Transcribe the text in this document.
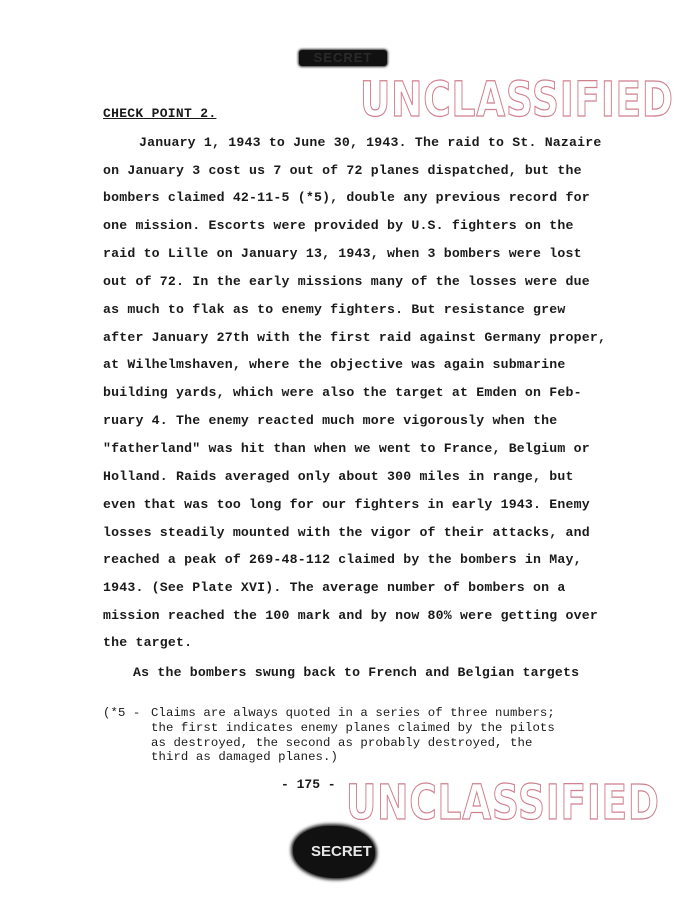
SECRET
UNCLASSIFIED
CHECK POINT 2.
January 1, 1943 to June 30, 1943. The raid to St. Nazaire
on January 3 cost us 7 out of 72 planes dispatched, but the
bombers claimed 42-11-5 (*5), double any previous record for
one mission. Escorts were provided by U.S. fighters on the
raid to Lille on January 13, 1943, when 3 bombers were lost
out of 72. In the early missions many of the losses were due
as much to flak as to enemy fighters. But resistance grew
after January 27th with the first raid against Germany proper,
at Wilhelmshaven, where the objective was again submarine
building yards, which were also the target at Emden on Feb-
ruary 4. The enemy reacted much more vigorously when the
"fatherland" was hit than when we went to France, Belgium or
Holland. Raids averaged only about 300 miles in range, but
even that was too long for our fighters in early 1943. Enemy
losses steadily mounted with the vigor of their attacks, and
reached a peak of 269-48-112 claimed by the bombers in May,
1943. (See Plate XVI). The average number of bombers on a
mission reached the 100 mark and by now 80% were getting over
the target.
As the bombers swung back to French and Belgian targets
(*5 - Claims are always quoted in a series of three numbers;
the first indicates enemy planes claimed by the pilots
as destroyed, the second as probably destroyed, the
third as damaged planes.)
- 175 - UNCLASSIFIED
SECRET
